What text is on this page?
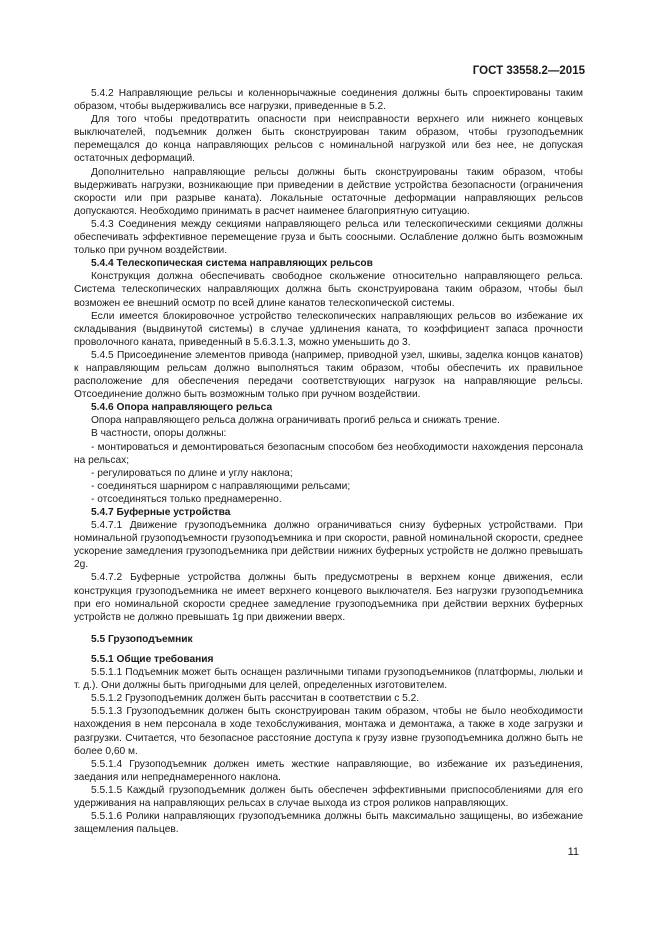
ГОСТ 33558.2—2015

5.4.2 Направляющие рельсы и коленнорычажные соединения должны быть спроектированы таким образом, чтобы выдерживались все нагрузки, приведенные в 5.2.

Для того чтобы предотвратить опасности при неисправности верхнего или нижнего концевых выключателей, подъемник должен быть сконструирован таким образом, чтобы грузоподъемник перемещался до конца направляющих рельсов с номинальной нагрузкой или без нее, не допуская остаточных деформаций.

Дополнительно направляющие рельсы должны быть сконструированы таким образом, чтобы выдерживать нагрузки, возникающие при приведении в действие устройства безопасности (ограничения скорости или при разрыве каната). Локальные остаточные деформации направляющих рельсов допускаются. Необходимо принимать в расчет наименее благоприятную ситуацию.

5.4.3 Соединения между секциями направляющего рельса или телескопическими секциями должны обеспечивать эффективное перемещение груза и быть соосными. Ослабление должно быть возможным только при ручном воздействии.

5.4.4 Телескопическая система направляющих рельсов

Конструкция должна обеспечивать свободное скольжение относительно направляющего рельса. Система телескопических направляющих должна быть сконструирована таким образом, чтобы был возможен ее внешний осмотр по всей длине канатов телескопической системы.

Если имеется блокировочное устройство телескопических направляющих рельсов во избежание их складывания (выдвинутой системы) в случае удлинения каната, то коэффициент запаса прочности проволочного каната, приведенный в 5.6.3.1.3, можно уменьшить до 3.

5.4.5 Присоединение элементов привода (например, приводной узел, шкивы, заделка концов канатов) к направляющим рельсам должно выполняться таким образом, чтобы обеспечить их правильное расположение для обеспечения передачи соответствующих нагрузок на направляющие рельсы. Отсоединение должно быть возможным только при ручном воздействии.

5.4.6 Опора направляющего рельса

Опора направляющего рельса должна ограничивать прогиб рельса и снижать трение.

В частности, опоры должны:

- монтироваться и демонтироваться безопасным способом без необходимости нахождения персонала на рельсах;

- регулироваться по длине и углу наклона;

- соединяться шарниром с направляющими рельсами;

- отсоединяться только преднамеренно.

5.4.7 Буферные устройства

5.4.7.1 Движение грузоподъемника должно ограничиваться снизу буферных устройствами. При номинальной грузоподъемности грузоподъемника и при скорости, равной номинальной скорости, среднее ускорение замедления грузоподъемника при действии нижних буферных устройств не должно превышать 2g.

5.4.7.2 Буферные устройства должны быть предусмотрены в верхнем конце движения, если конструкция грузоподъемника не имеет верхнего концевого выключателя. Без нагрузки грузоподъемника при его номинальной скорости среднее замедление грузоподъемника при действии верхних буферных устройств не должно превышать 1g при движении вверх.

5.5 Грузоподъемник

5.5.1 Общие требования

5.5.1.1 Подъемник может быть оснащен различными типами грузоподъемников (платформы, люльки и т. д.). Они должны быть пригодными для целей, определенных изготовителем.

5.5.1.2 Грузоподъемник должен быть рассчитан в соответствии с 5.2.

5.5.1.3 Грузоподъемник должен быть сконструирован таким образом, чтобы не было необходимости нахождения в нем персонала в ходе техобслуживания, монтажа и демонтажа, а также в ходе загрузки и разгрузки. Считается, что безопасное расстояние доступа к грузу извне грузоподъемника должно быть не более 0,60 м.

5.5.1.4 Грузоподъемник должен иметь жесткие направляющие, во избежание их разъединения, заедания или непреднамеренного наклона.

5.5.1.5 Каждый грузоподъемник должен быть обеспечен эффективными приспособлениями для его удерживания на направляющих рельсах в случае выхода из строя роликов направляющих.

5.5.1.6 Ролики направляющих грузоподъемника должны быть максимально защищены, во избежание защемления пальцев.

11
